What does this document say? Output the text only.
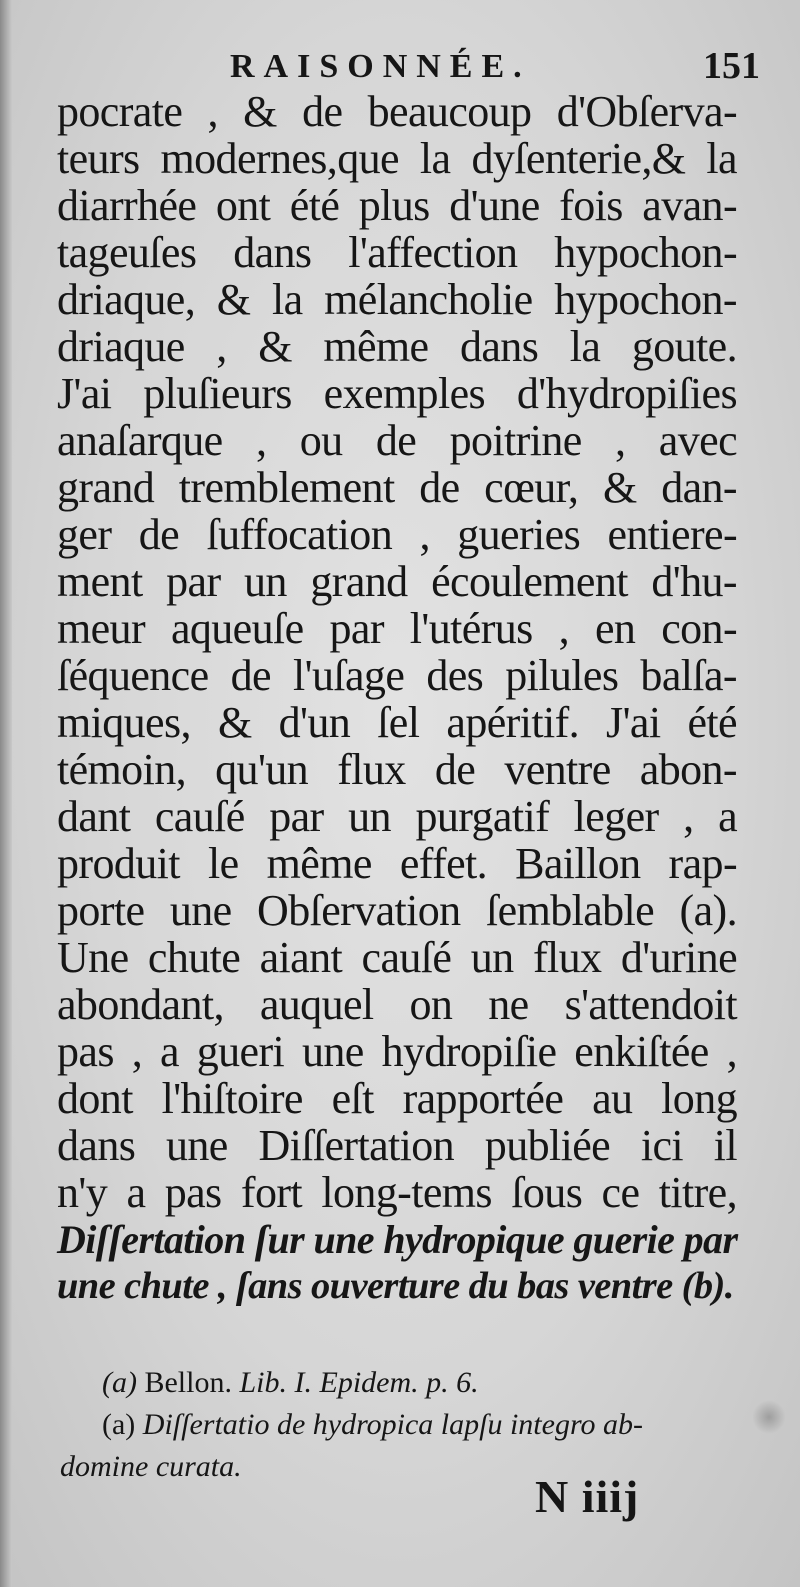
RAISONNÉE.	151
pocrate , & de beaucoup d'Obſerva-
teurs modernes,que la dyſenterie,& la
diarrhée ont été plus d'une fois avan-
tageuſes dans l'affection hypochon-
driaque, & la mélancholie hypochon-
driaque , & même dans la goute.
J'ai pluſieurs exemples d'hydropiſies
anaſarque , ou de poitrine , avec
grand tremblement de cœur, & dan-
ger de ſuffocation , gueries entiere-
ment par un grand écoulement d'hu-
meur aqueuſe par l'utérus , en con-
ſéquence de l'uſage des pilules balſa-
miques, & d'un ſel apéritif. J'ai été
témoin, qu'un flux de ventre abon-
dant cauſé par un purgatif leger , a
produit le même effet. Baillon rap-
porte une Obſervation ſemblable (a).
Une chute aiant cauſé un flux d'urine
abondant, auquel on ne s'attendoit
pas , a gueri une hydropiſie enkiſtée ,
dont l'hiſtoire eſt rapportée au long
dans une Diſſertation publiée ici il
n'y a pas fort long-tems ſous ce titre,
Diſſertation ſur une hydropique guerie par
une chute , ſans ouverture du bas ventre (b).
(a) Bellon. Lib. I. Epidem. p. 6.
(a) Diſſertatio de hydropica lapſu integro ab-
domine curata.
N iiij
